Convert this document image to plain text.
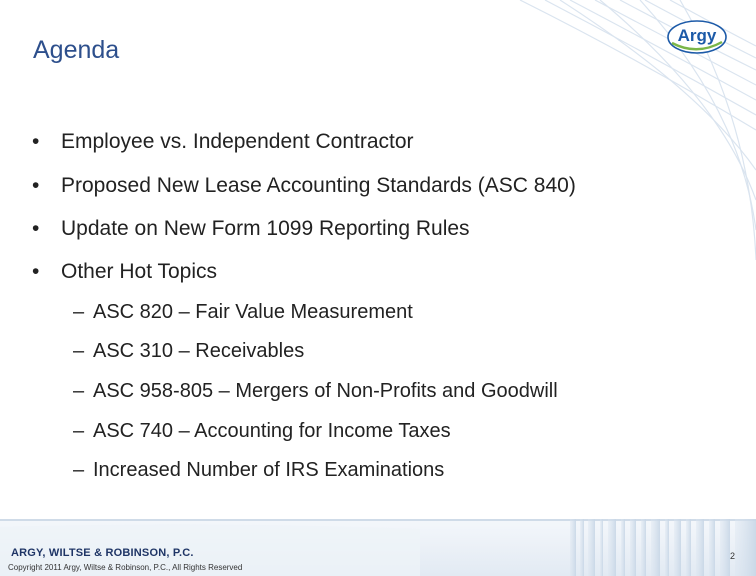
Argy
Agenda
• Employee vs. Independent Contractor
• Proposed New Lease Accounting Standards (ASC 840)
• Update on New Form 1099 Reporting Rules
• Other Hot Topics
– ASC 820 – Fair Value Measurement
– ASC 310 – Receivables
– ASC 958-805 – Mergers of Non-Profits and Goodwill
– ASC 740 – Accounting for Income Taxes
– Increased Number of IRS Examinations
ARGY, WILTSE & ROBINSON, P.C.
Copyright 2011 Argy, Wiltse & Robinson, P.C., All Rights Reserved
2
